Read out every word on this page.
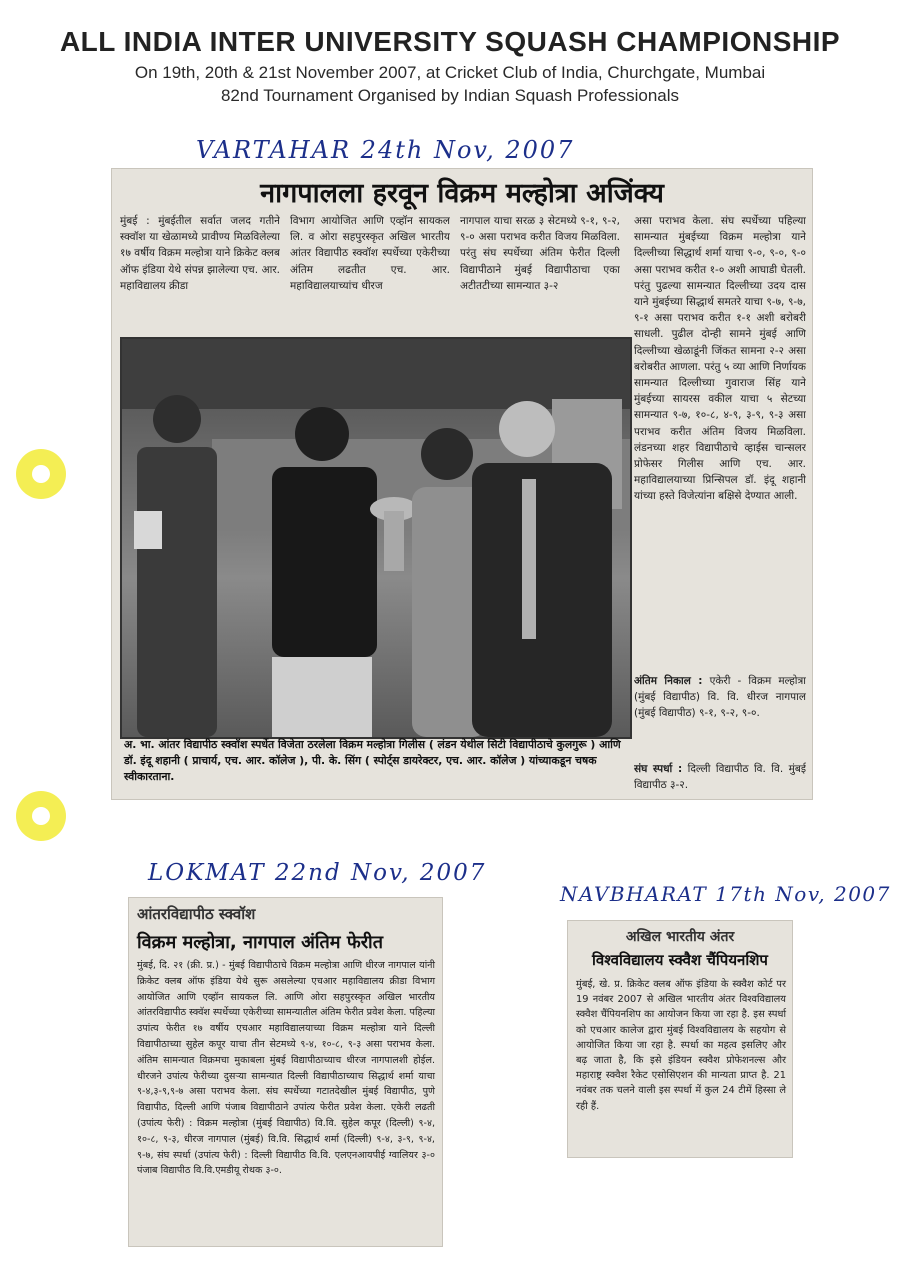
ALL INDIA INTER UNIVERSITY SQUASH CHAMPIONSHIP
On 19th, 20th & 21st November 2007, at Cricket Club of India, Churchgate, Mumbai
82nd Tournament Organised by Indian Squash Professionals
VARTAHAR 24th Nov, 2007
नागपालला हरवून विक्रम मल्होत्रा अजिंक्य
मुंबई : मुंबईतील सर्वात जलद गतीने स्क्वॉश या खेळामध्ये प्रावीण्य मिळविलेल्या १७ वर्षीय विक्रम मल्होत्रा याने क्रिकेट क्लब ऑफ इंडिया येथे संपन्न झालेल्या एच. आर. महाविद्यालय क्रीडा
विभाग आयोजित आणि एव्हॉन सायकल लि. व ओरा सहपुरस्कृत अखिल भारतीय आंतर विद्यापीठ स्क्वॉश स्पर्धेच्या एकेरीच्या अंतिम लढतीत एच. आर. महाविद्यालयाच्यांच धीरज
नागपाल याचा सरळ ३ सेटमध्ये ९-१, ९-२, ९-० असा पराभव करीत विजय मिळविला. परंतु संघ स्पर्धेच्या अंतिम फेरीत दिल्ली विद्यापीठाने मुंबई विद्यापीठाचा एका अटीतटीच्या सामन्यात ३-२
असा पराभव केला. संघ स्पर्धेच्या पहिल्या सामन्यात मुंबईच्या विक्रम मल्होत्रा याने दिल्लीच्या सिद्धार्थ शर्मा याचा ९-०, ९-०, ९-० असा पराभव करीत १-० अशी आघाडी घेतली. परंतु पुढल्या सामन्यात दिल्लीच्या उदय दास याने मुंबईच्या सिद्धार्थ समतरे याचा ९-७, ९-७, ९-१ असा पराभव करीत १-१ अशी बरोबरी साधली. पुढील दोन्ही सामने मुंबई आणि दिल्लीच्या खेळाडूंनी जिंकत सामना २-२ असा बरोबरीत आणला. परंतु ५ व्या आणि निर्णायक सामन्यात दिल्लीच्या गुवाराज सिंह याने मुंबईच्या सायरस वकील याचा ५ सेटच्या सामन्यात ९-७, १०-८, ४-९, ३-९, ९-३ असा पराभव करीत अंतिम विजय मिळविला. लंडनच्या शहर विद्यापीठाचे व्हाईस चान्सलर प्रोफेसर गिलीस आणि एच. आर. महाविद्यालयाच्या प्रिन्सिपल डॉ. इंदू शहानी यांच्या हस्ते विजेत्यांना बक्षिसे देण्यात आली.
अंतिम निकाल : एकेरी - विक्रम मल्होत्रा (मुंबई विद्यापीठ) वि. वि. धीरज नागपाल (मुंबई विद्यापीठ) ९-१, ९-२, ९-०.
संघ स्पर्धा : दिल्ली विद्यापीठ वि. वि. मुंबई विद्यापीठ ३-२.
अ. भा. आंतर विद्यापीठ स्क्वॉश स्पर्धेत विजेता ठरलेला विक्रम मल्होत्रा गिलीस ( लंडन येथील सिटी विद्यापीठाचे कुलगुरू ) आणि डॉ. इंदू शहानी ( प्राचार्य, एच. आर. कॉलेज ), पी. के. सिंग ( स्पोर्ट्स डायरेक्टर, एच. आर. कॉलेज ) यांच्याकडून चषक स्वीकारताना.
LOKMAT 22nd Nov, 2007
आंतरविद्यापीठ स्क्वॉश
विक्रम मल्होत्रा, नागपाल अंतिम फेरीत
मुंबई, दि. २१ (क्री. प्र.) - मुंबई विद्यापीठाचे विक्रम मल्होत्रा आणि धीरज नागपाल यांनी क्रिकेट क्लब ऑफ इंडिया येथे सुरू असलेल्या एचआर महाविद्यालय क्रीडा विभाग आयोजित आणि एव्हॉन सायकल लि. आणि ओरा सहपुरस्कृत अखिल भारतीय आंतरविद्यापीठ स्क्वॅश स्पर्धेच्या एकेरीच्या सामन्यातील अंतिम फेरीत प्रवेश केला. पहिल्या उपांत्य फेरीत १७ वर्षीय एचआर महाविद्यालयाच्या विक्रम मल्होत्रा याने दिल्ली विद्यापीठाच्या सुहेल कपूर याचा तीन सेटमध्ये ९-४, १०-८, ९-३ असा पराभव केला. अंतिम सामन्यात विक्रमचा मुकाबला मुंबई विद्यापीठाच्याच धीरज नागपालशी होईल. धीरजने उपांत्य फेरीच्या दुसऱ्या सामन्यात दिल्ली विद्यापीठाच्याच सिद्धार्थ शर्मा याचा ९-४,३-९,९-७ असा पराभव केला. संघ स्पर्धेच्या गटातदेखील मुंबई विद्यापीठ, पुणे विद्यापीठ, दिल्ली आणि पंजाब विद्यापीठाने उपांत्य फेरीत प्रवेश केला. एकेरी लढती (उपांत्य फेरी) : विक्रम मल्होत्रा (मुंबई विद्यापीठ) वि.वि. सुहेल कपूर (दिल्ली) ९-४, १०-८, ९-३, धीरज नागपाल (मुंबई) वि.वि. सिद्धार्थ शर्मा (दिल्ली) ९-४, ३-९, ९-४, ९-७, संघ स्पर्धा (उपांत्य फेरी) : दिल्ली विद्यापीठ वि.वि. एलएनआयपीई ग्वालियर ३-० पंजाब विद्यापीठ वि.वि.एमडीयू रोथक ३-०.
NAVBHARAT 17th Nov, 2007
अखिल भारतीय अंतर
विश्वविद्यालय स्क्वैश चैंपियनशिप
मुंबई, खे. प्र. क्रिकेट क्लब ऑफ इंडिया के स्क्वैश कोर्ट पर 19 नवंबर 2007 से अखिल भारतीय अंतर विश्वविद्यालय स्क्वैश चैंपियनशिप का आयोजन किया जा रहा है. इस स्पर्धा को एचआर कालेज द्वारा मुंबई विश्वविद्यालय के सहयोग से आयोजित किया जा रहा है. स्पर्धा का महत्व इसलिए और बढ़ जाता है, कि इसे इंडियन स्क्वैश प्रोफेशनल्स और महाराष्ट्र स्क्वैश रैकेट एसोसिएशन की मान्यता प्राप्त है. 21 नवंबर तक चलने वाली इस स्पर्धा में कुल 24 टीमें हिस्सा ले रही हैं.
